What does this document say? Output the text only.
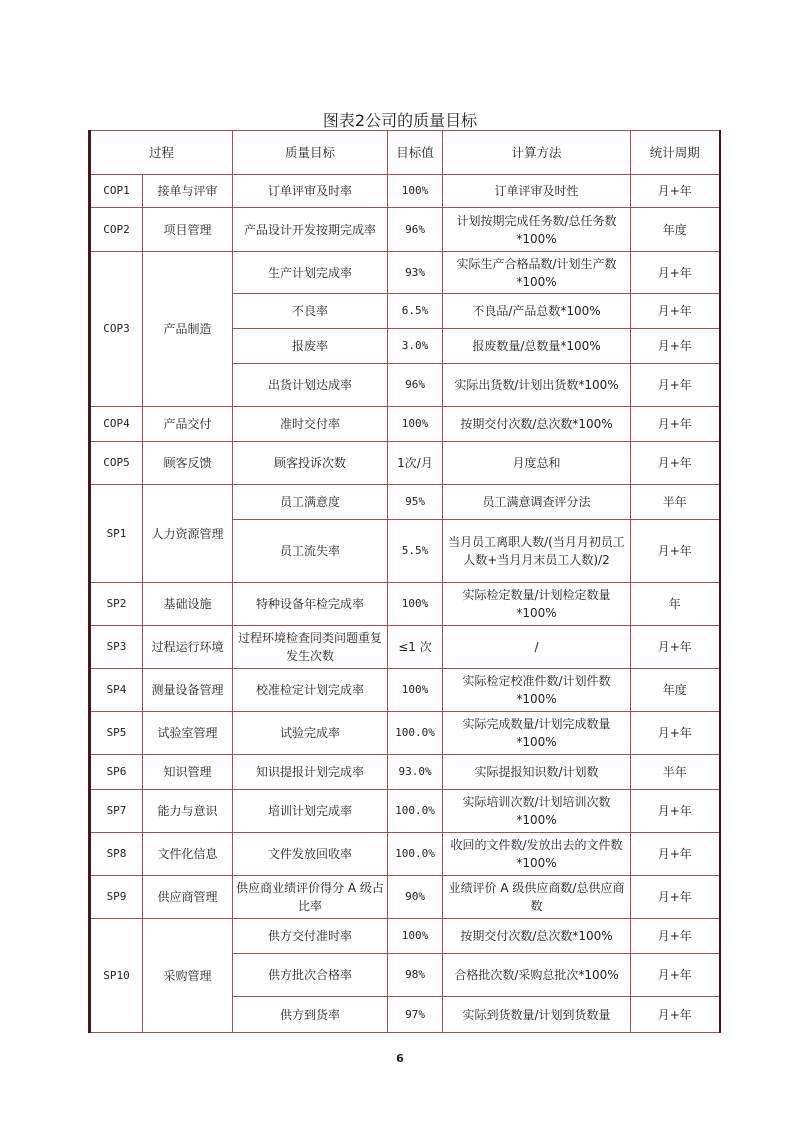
图表2公司的质量目标
过程		质量目标	目标值	计算方法	统计周期
COP1	接单与评审	订单评审及时率	100%	订单评审及时性	月+年
COP2	项目管理	产品设计开发按期完成率	96%	计划按期完成任务数/总任务数*100%	年度
COP3	产品制造	生产计划完成率	93%	实际生产合格品数/计划生产数*100%	月+年
		不良率	6.5%	不良品/产品总数*100%	月+年
		报废率	3.0%	报废数量/总数量*100%	月+年
		出货计划达成率	96%	实际出货数/计划出货数*100%	月+年
COP4	产品交付	准时交付率	100%	按期交付次数/总次数*100%	月+年
COP5	顾客反馈	顾客投诉次数	1次/月	月度总和	月+年
SP1	人力资源管理	员工满意度	95%	员工满意调查评分法	半年
		员工流失率	5.5%	当月员工离职人数/(当月月初员工人数+当月月末员工人数)/2	月+年
SP2	基础设施	特种设备年检完成率	100%	实际检定数量/计划检定数量*100%	年
SP3	过程运行环境	过程环境检查同类问题重复发生次数	≤1 次	/	月+年
SP4	测量设备管理	校准检定计划完成率	100%	实际检定校准件数/计划件数*100%	年度
SP5	试验室管理	试验完成率	100.0%	实际完成数量/计划完成数量*100%	月+年
SP6	知识管理	知识提报计划完成率	93.0%	实际提报知识数/计划数	半年
SP7	能力与意识	培训计划完成率	100.0%	实际培训次数/计划培训次数*100%	月+年
SP8	文件化信息	文件发放回收率	100.0%	收回的文件数/发放出去的文件数*100%	月+年
SP9	供应商管理	供应商业绩评价得分 A 级占比率	90%	业绩评价 A 级供应商数/总供应商数	月+年
SP10	采购管理	供方交付准时率	100%	按期交付次数/总次数*100%	月+年
		供方批次合格率	98%	合格批次数/采购总批次*100%	月+年
		供方到货率	97%	实际到货数量/计划到货数量	月+年
6
